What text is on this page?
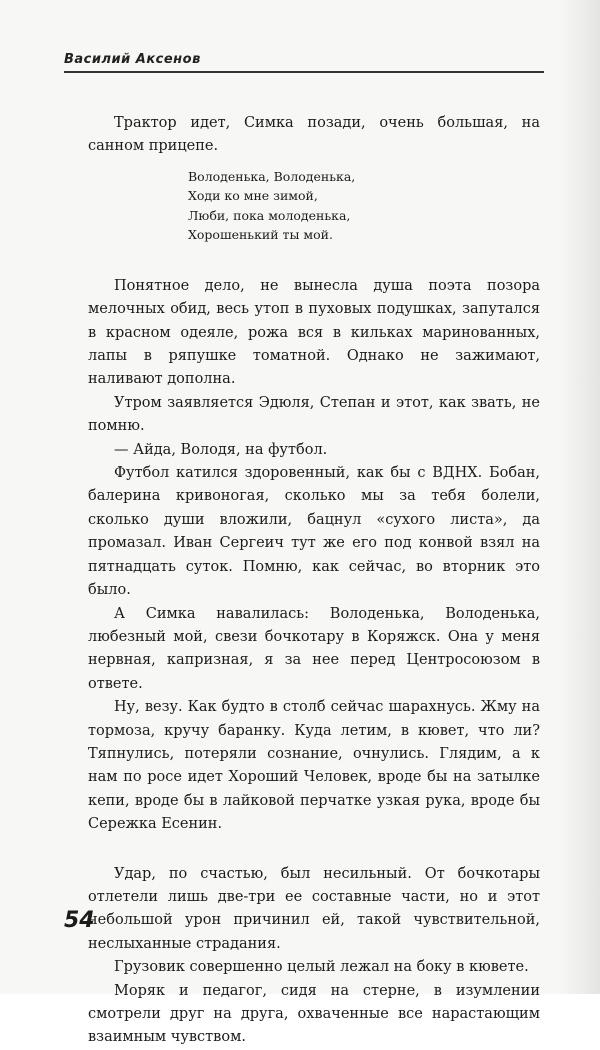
Василий Аксенов

Трактор идет, Симка позади, очень большая, на санном прицепе.

Володенька, Володенька,
Ходи ко мне зимой,
Люби, пока молоденька,
Хорошенький ты мой.

Понятное дело, не вынесла душа поэта позора мелочных обид, весь утоп в пуховых подушках, запутался в красном одеяле, рожа вся в кильках маринованных, лапы в ряпушке томатной. Однако не зажимают, наливают дополна.

Утром заявляется Эдюля, Степан и этот, как звать, не помню.

— Айда, Володя, на футбол.

Футбол катился здоровенный, как бы с ВДНХ. Бобан, балерина кривоногая, сколько мы за тебя болели, сколько души вложили, бацнул «сухого листа», да промазал. Иван Сергеич тут же его под конвой взял на пятнадцать суток. Помню, как сейчас, во вторник это было.

А Симка навалилась: Володенька, Володенька, любезный мой, свези бочкотару в Коряжск. Она у меня нервная, капризная, я за нее перед Центросоюзом в ответе.

Ну, везу. Как будто в столб сейчас шарахнусь. Жму на тормоза, кручу баранку. Куда летим, в кювет, что ли? Тяпнулись, потеряли сознание, очнулись. Глядим, а к нам по росе идет Хороший Человек, вроде бы на затылке кепи, вроде бы в лайковой перчатке узкая рука, вроде бы Сережка Есенин.

Удар, по счастью, был несильный. От бочкотары отлетели лишь две-три ее составные части, но и этот небольшой урон причинил ей, такой чувствительной, неслыханные страдания.

Грузовик совершенно целый лежал на боку в кювете.

Моряк и педагог, сидя на стерне, в изумлении смотрели друг на друга, охваченные все нарастающим взаимным чувством.

54
